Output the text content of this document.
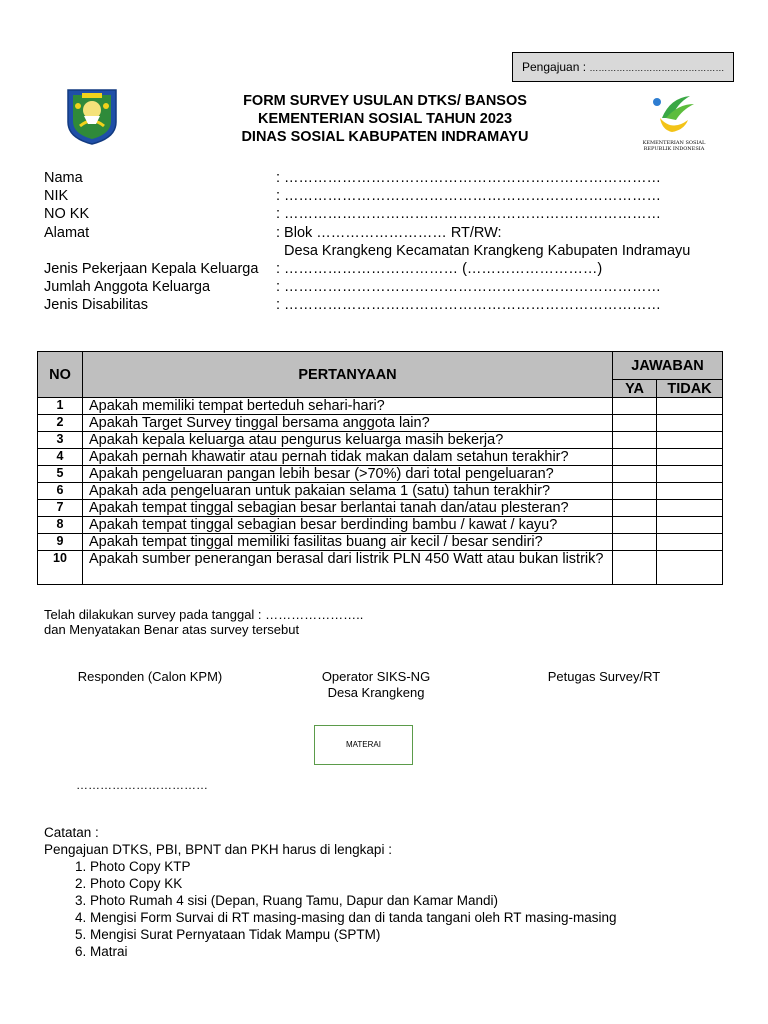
Pengajuan : ………………………………………
FORM SURVEY USULAN DTKS/ BANSOS
KEMENTERIAN SOSIAL TAHUN 2023
DINAS SOSIAL KABUPATEN INDRAMAYU	KEMENTERIAN SOSIAL
REPUBLIK INDONESIA
Nama	: ……………………………………………………………………
NIK	: ……………………………………………………………………
NO KK	: ……………………………………………………………………
Alamat	: Blok ……………………… RT/RW:
Desa Krangkeng Kecamatan Krangkeng Kabupaten Indramayu
Jenis Pekerjaan Kepala Keluarga : ……………………………… (………………………)
Jumlah Anggota Keluarga	: ……………………………………………………………………
Jenis Disabilitas	: ……………………………………………………………………
NO	PERTANYAAN	JAWABAN	
		YA	TIDAK
1	Apakah memiliki tempat berteduh sehari-hari?		
2	Apakah Target Survey tinggal bersama anggota lain?		
3	Apakah kepala keluarga atau pengurus keluarga masih bekerja?		
4	Apakah pernah khawatir atau pernah tidak makan dalam setahun terakhir?		
5	Apakah pengeluaran pangan lebih besar (>70%) dari total pengeluaran?		
6	Apakah ada pengeluaran untuk pakaian selama 1 (satu) tahun terakhir?		
7	Apakah tempat tinggal sebagian besar berlantai tanah dan/atau plesteran?		
8	Apakah tempat tinggal sebagian besar berdinding bambu / kawat / kayu?		
9	Apakah tempat tinggal memiliki fasilitas buang air kecil / besar sendiri?		
10	Apakah sumber penerangan berasal dari listrik PLN 450 Watt atau bukan listrik?		
Telah dilakukan survey pada tanggal : …………………..
dan Menyatakan Benar atas survey tersebut
Responden (Calon KPM)	Operator SIKS-NG
Desa Krangkeng
Petugas Survey/RT
MATERAI
……………………………
Catatan :
Pengajuan DTKS, PBI, BPNT dan PKH harus di lengkapi :
1. Photo Copy KTP
2. Photo Copy KK
3. Photo Rumah 4 sisi (Depan, Ruang Tamu, Dapur dan Kamar Mandi)
4. Mengisi Form Survai di RT masing-masing dan di tanda tangani oleh RT masing-masing
5. Mengisi Surat Pernyataan Tidak Mampu (SPTM)
6. Matrai
